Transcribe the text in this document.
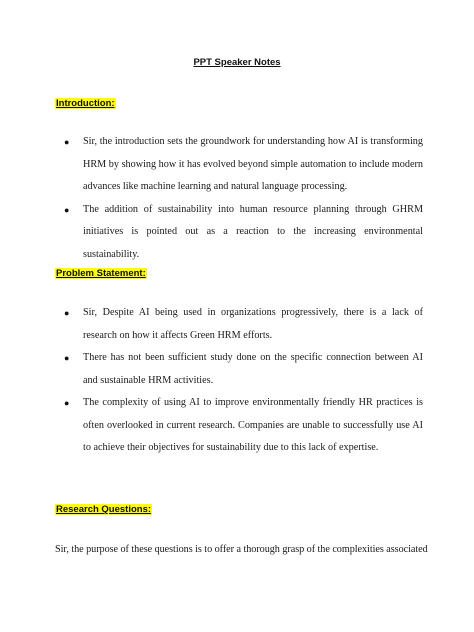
PPT Speaker Notes
Introduction:
● Sir, the introduction sets the groundwork for understanding how AI is transforming HRM by showing how it has evolved beyond simple automation to include modern advances like machine learning and natural language processing.
● The addition of sustainability into human resource planning through GHRM initiatives is pointed out as a reaction to the increasing environmental sustainability.
Problem Statement:
● Sir, Despite AI being used in organizations progressively, there is a lack of research on how it affects Green HRM efforts.
● There has not been sufficient study done on the specific connection between AI and sustainable HRM activities.
● The complexity of using AI to improve environmentally friendly HR practices is often overlooked in current research. Companies are unable to successfully use AI to achieve their objectives for sustainability due to this lack of expertise.
Research Questions:

Sir, the purpose of these questions is to offer a thorough grasp of the complexities associated
